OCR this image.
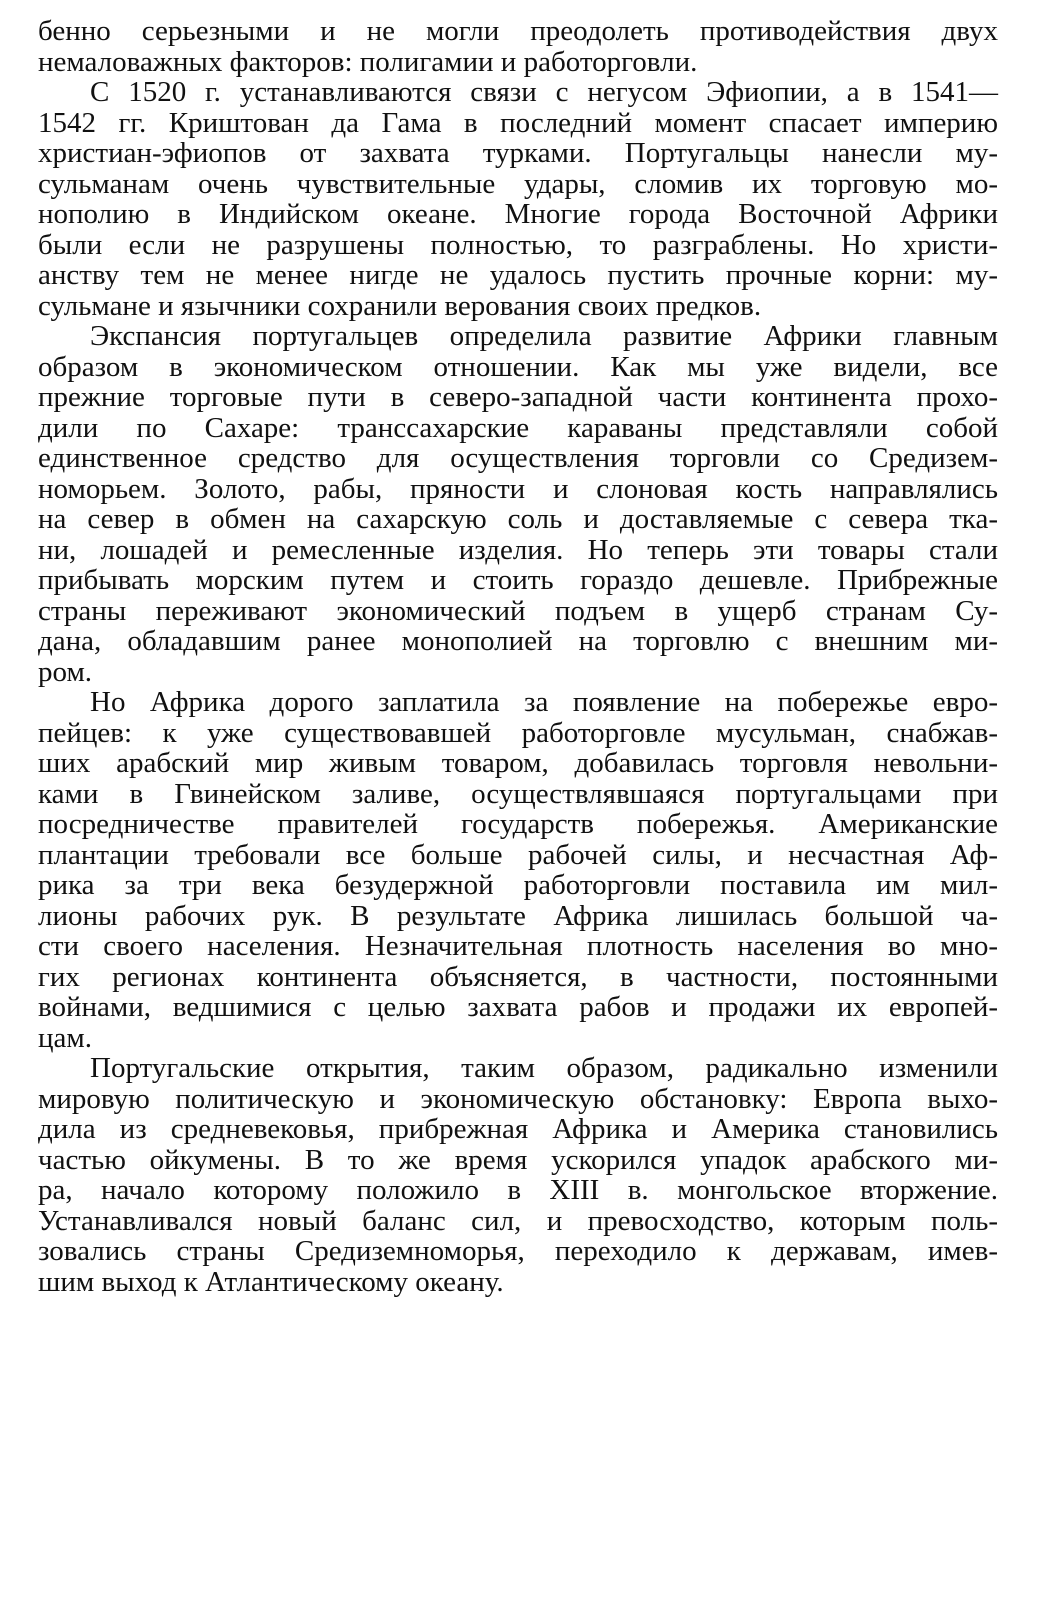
бенно серьезными и не могли преодолеть противодействия двух
немаловажных факторов: полигамии и работорговли.
С 1520 г. устанавливаются связи с негусом Эфиопии, а в 1541—
1542 гг. Криштован да Гама в последний момент спасает империю
христиан-эфиопов от захвата турками. Португальцы нанесли му-
сульманам очень чувствительные удары, сломив их торговую мо-
нополию в Индийском океане. Многие города Восточной Африки
были если не разрушены полностью, то разграблены. Но христи-
анству тем не менее нигде не удалось пустить прочные корни: му-
сульмане и язычники сохранили верования своих предков.
Экспансия португальцев определила развитие Африки главным
образом в экономическом отношении. Как мы уже видели, все
прежние торговые пути в северо-западной части континента прохо-
дили по Сахаре: транссахарские караваны представляли собой
единственное средство для осуществления торговли со Средизем-
номорьем. Золото, рабы, пряности и слоновая кость направлялись
на север в обмен на сахарскую соль и доставляемые с севера тка-
ни, лошадей и ремесленные изделия. Но теперь эти товары стали
прибывать морским путем и стоить гораздо дешевле. Прибрежные
страны переживают экономический подъем в ущерб странам Су-
дана, обладавшим ранее монополией на торговлю с внешним ми-
ром.
Но Африка дорого заплатила за появление на побережье евро-
пейцев: к уже существовавшей работорговле мусульман, снабжав-
ших арабский мир живым товаром, добавилась торговля невольни-
ками в Гвинейском заливе, осуществлявшаяся португальцами при
посредничестве правителей государств побережья. Американские
плантации требовали все больше рабочей силы, и несчастная Аф-
рика за три века безудержной работорговли поставила им мил-
лионы рабочих рук. В результате Африка лишилась большой ча-
сти своего населения. Незначительная плотность населения во мно-
гих регионах континента объясняется, в частности, постоянными
войнами, ведшимися с целью захвата рабов и продажи их европей-
цам.
Португальские открытия, таким образом, радикально изменили
мировую политическую и экономическую обстановку: Европа выхо-
дила из средневековья, прибрежная Африка и Америка становились
частью ойкумены. В то же время ускорился упадок арабского ми-
ра, начало которому положило в XIII в. монгольское вторжение.
Устанавливался новый баланс сил, и превосходство, которым поль-
зовались страны Средиземноморья, переходило к державам, имев-
шим выход к Атлантическому океану.
